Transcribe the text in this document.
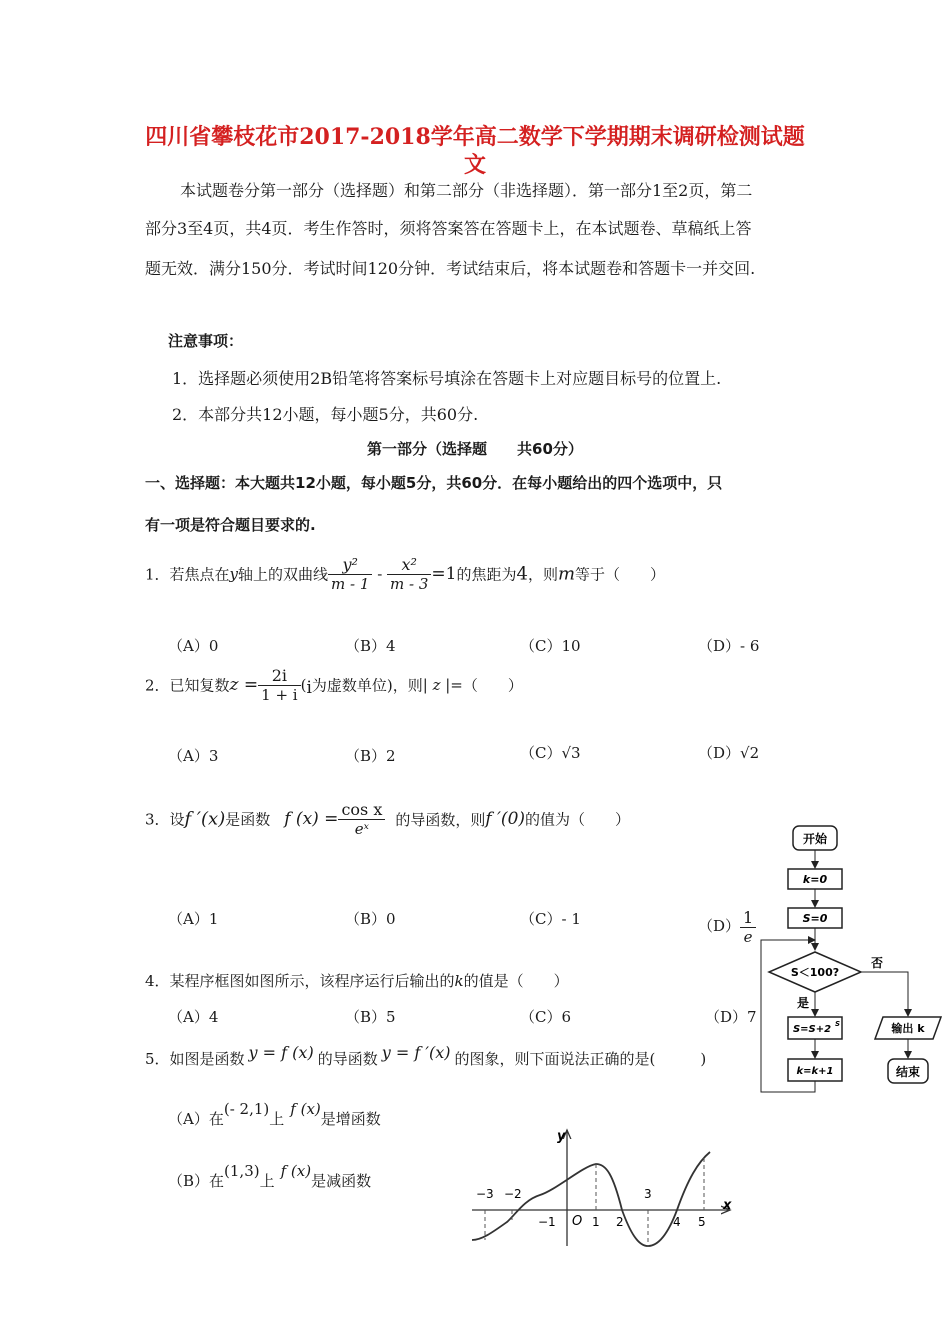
四川省攀枝花市2017-2018学年高二数学下学期期末调研检测试题
文
本试题卷分第一部分（选择题）和第二部分（非选择题）．第一部分1至2页，第二
部分3至4页，共4页．考生作答时，须将答案答在答题卡上，在本试题卷、草稿纸上答
题无效．满分150分．考试时间120分钟．考试结束后，将本试题卷和答题卡一并交回.
注意事项：
1．选择题必须使用2B铅笔将答案标号填涂在答题卡上对应题目标号的位置上.
2．本部分共12小题，每小题5分，共60分.
第一部分（选择题　　共60分）
一、选择题：本大题共12小题，每小题5分，共60分．在每小题给出的四个选项中，只
有一项是符合题目要求的.
1．若焦点在y轴上的双曲线 $\frac{\text{y²}}{m - 1} - \frac{\text{x²}}{m - 3} =1$的焦距为4，则m等于（　　）
（A）0	（B）4	（C）10	（D）- 6
2．已知复数$z = \frac{2i}{1 + i} (i$为虚数单位)，则| z |=（　　）
（A）3	（B）2	（C）√3	（D）√2
3．设f ′(x)是函数 f $(x) = \frac{\text{cos x}}{\text{eˣ}}$ 的导函数，则f ′(0)的值为（　　）
（A）1	（B）0	（C）- 1	$(D) \frac{1}{e}$
4．某程序框图如图所示，该程序运行后输出的k的值是（　　）
（A）4	（B）5	（C）6	（D）7
5．如图是函数 y = f (x) 的导函数 y = f ′(x) 的图象，则下面说法正确的是(　　　)
（A）在(- 2,1)上f (x)是增函数
（B）在(1,3)上f (x)是减函数
开始
k=0
S=0
S＜100?
否
是
S=S+2 S
k=k+1
输出 k
结束
y
x
O
−3 −2
−1	1 2
3
4 5
